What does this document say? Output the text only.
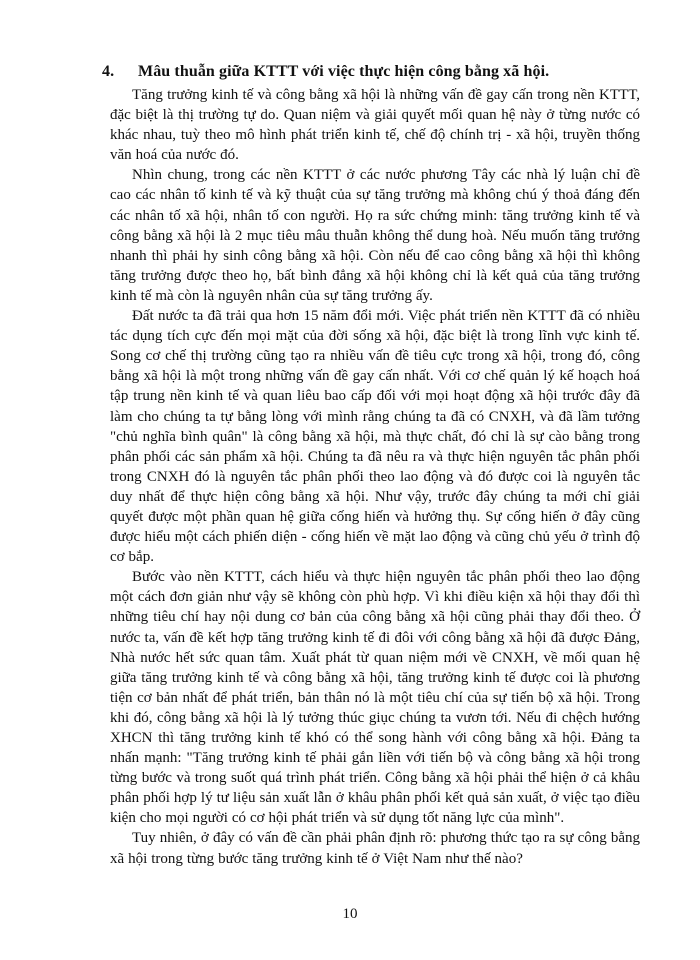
4. Mâu thuẫn giữa KTTT với việc thực hiện công bằng xã hội.

Tăng trưởng kinh tế và công bằng xã hội là những vấn đề gay cấn trong nền KTTT, đặc biệt là thị trường tự do. Quan niệm và giải quyết mối quan hệ này ở từng nước có khác nhau, tuỳ theo mô hình phát triển kinh tế, chế độ chính trị - xã hội, truyền thống văn hoá của nước đó.

Nhìn chung, trong các nền KTTT ở các nước phương Tây các nhà lý luận chỉ đề cao các nhân tố kinh tế và kỹ thuật của sự tăng trưởng mà không chú ý thoả đáng đến các nhân tố xã hội, nhân tố con người. Họ ra sức chứng minh: tăng trưởng kinh tế và công bằng xã hội là 2 mục tiêu mâu thuẫn không thể dung hoà. Nếu muốn tăng trưởng nhanh thì phải hy sinh công bằng xã hội. Còn nếu để cao công bằng xã hội thì không tăng trưởng được theo họ, bất bình đẳng xã hội không chỉ là kết quả của tăng trưởng kinh tế mà còn là nguyên nhân của sự tăng trưởng ấy.

Đất nước ta đã trải qua hơn 15 năm đổi mới. Việc phát triển nền KTTT đã có nhiều tác dụng tích cực đến mọi mặt của đời sống xã hội, đặc biệt là trong lĩnh vực kinh tế. Song cơ chế thị trường cũng tạo ra nhiều vấn đề tiêu cực trong xã hội, trong đó, công bằng xã hội là một trong những vấn đề gay cấn nhất. Với cơ chế quản lý kế hoạch hoá tập trung nền kinh tế và quan liêu bao cấp đối với mọi hoạt động xã hội trước đây đã làm cho chúng ta tự bằng lòng với mình rằng chúng ta đã có CNXH, và đã lầm tưởng "chủ nghĩa bình quân" là công bằng xã hội, mà thực chất, đó chỉ là sự cào bằng trong phân phối các sản phẩm xã hội. Chúng ta đã nêu ra và thực hiện nguyên tắc phân phối trong CNXH đó là nguyên tắc phân phối theo lao động và đó được coi là nguyên tắc duy nhất để thực hiện công bằng xã hội. Như vậy, trước đây chúng ta mới chỉ giải quyết được một phần quan hệ giữa cống hiến và hưởng thụ. Sự cống hiến ở đây cũng được hiểu một cách phiến diện - cống hiến về mặt lao động và cũng chủ yếu ở trình độ cơ bắp.

Bước vào nền KTTT, cách hiểu và thực hiện nguyên tắc phân phối theo lao động một cách đơn giản như vậy sẽ không còn phù hợp. Vì khi điều kiện xã hội thay đổi thì những tiêu chí hay nội dung cơ bản của công bằng xã hội cũng phải thay đổi theo. Ở nước ta, vấn đề kết hợp tăng trưởng kinh tế đi đôi với công bằng xã hội đã được Đảng, Nhà nước hết sức quan tâm. Xuất phát từ quan niệm mới về CNXH, về mối quan hệ giữa tăng trưởng kinh tế và công bằng xã hội, tăng trưởng kinh tế được coi là phương tiện cơ bản nhất để phát triển, bản thân nó là một tiêu chí của sự tiến bộ xã hội. Trong khi đó, công bằng xã hội là lý tưởng thúc giục chúng ta vươn tới. Nếu đi chệch hướng XHCN thì tăng trưởng kinh tế khó có thể song hành với công bằng xã hội. Đảng ta nhấn mạnh: "Tăng trưởng kinh tế phải gắn liền với tiến bộ và công bằng xã hội trong từng bước và trong suốt quá trình phát triển. Công bằng xã hội phải thể hiện ở cả khâu phân phối hợp lý tư liệu sản xuất lẫn ở khâu phân phối kết quả sản xuất, ở việc tạo điều kiện cho mọi người có cơ hội phát triển và sử dụng tốt năng lực của mình".

Tuy nhiên, ở đây có vấn đề cần phải phân định rõ: phương thức tạo ra sự công bằng xã hội trong từng bước tăng trưởng kinh tế ở Việt Nam như thế nào?

10
